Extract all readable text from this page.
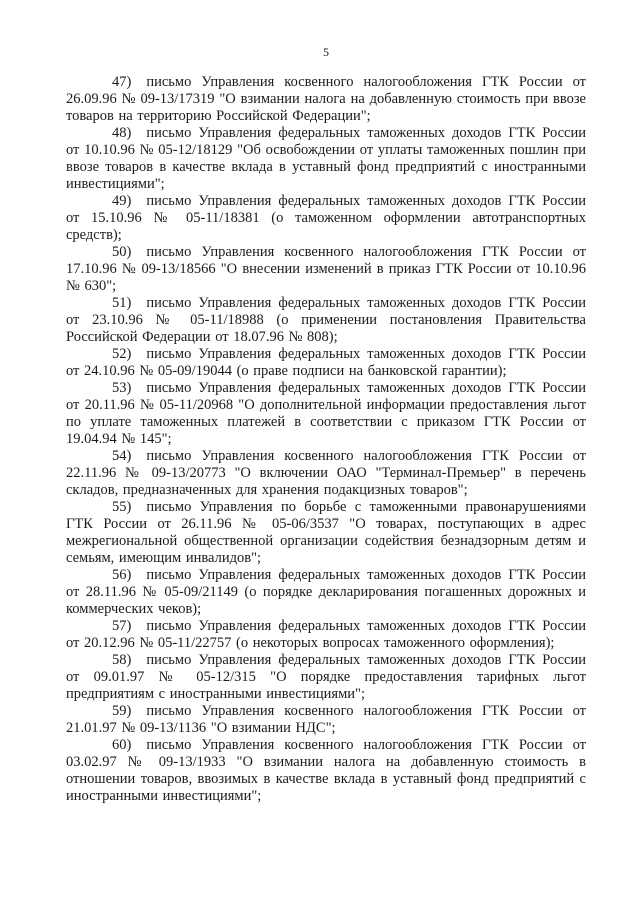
5

47) письмо Управления косвенного налогообложения ГТК России от 26.09.96 № 09-13/17319 "О взимании налога на добавленную стоимость при ввозе товаров на территорию Российской Федерации";

48) письмо Управления федеральных таможенных доходов ГТК России от 10.10.96 № 05-12/18129 "Об освобождении от уплаты таможенных пошлин при ввозе товаров в качестве вклада в уставный фонд предприятий с иностранными инвестициями";

49) письмо Управления федеральных таможенных доходов ГТК России от 15.10.96 № 05-11/18381 (о таможенном оформлении автотранспортных средств);

50) письмо Управления косвенного налогообложения ГТК России от 17.10.96 № 09-13/18566 "О внесении изменений в приказ ГТК России от 10.10.96 № 630";

51) письмо Управления федеральных таможенных доходов ГТК России от 23.10.96 № 05-11/18988 (о применении постановления Правительства Российской Федерации от 18.07.96 № 808);

52) письмо Управления федеральных таможенных доходов ГТК России от 24.10.96 № 05-09/19044 (о праве подписи на банковской гарантии);

53) письмо Управления федеральных таможенных доходов ГТК России от 20.11.96 № 05-11/20968 "О дополнительной информации предоставления льгот по уплате таможенных платежей в соответствии с приказом ГТК России от 19.04.94 № 145";

54) письмо Управления косвенного налогообложения ГТК России от 22.11.96 № 09-13/20773 "О включении ОАО "Терминал-Премьер" в перечень складов, предназначенных для хранения подакцизных товаров";

55) письмо Управления по борьбе с таможенными правонарушениями ГТК России от 26.11.96 № 05-06/3537 "О товарах, поступающих в адрес межрегиональной общественной организации содействия безнадзорным детям и семьям, имеющим инвалидов";

56) письмо Управления федеральных таможенных доходов ГТК России от 28.11.96 № 05-09/21149 (о порядке декларирования погашенных дорожных и коммерческих чеков);

57) письмо Управления федеральных таможенных доходов ГТК России от 20.12.96 № 05-11/22757 (о некоторых вопросах таможенного оформления);

58) письмо Управления федеральных таможенных доходов ГТК России от 09.01.97 № 05-12/315 "О порядке предоставления тарифных льгот предприятиям с иностранными инвестициями";

59) письмо Управления косвенного налогообложения ГТК России от 21.01.97 № 09-13/1136 "О взимании НДС";

60) письмо Управления косвенного налогообложения ГТК России от 03.02.97 № 09-13/1933 "О взимании налога на добавленную стоимость в отношении товаров, ввозимых в качестве вклада в уставный фонд предприятий с иностранными инвестициями";
